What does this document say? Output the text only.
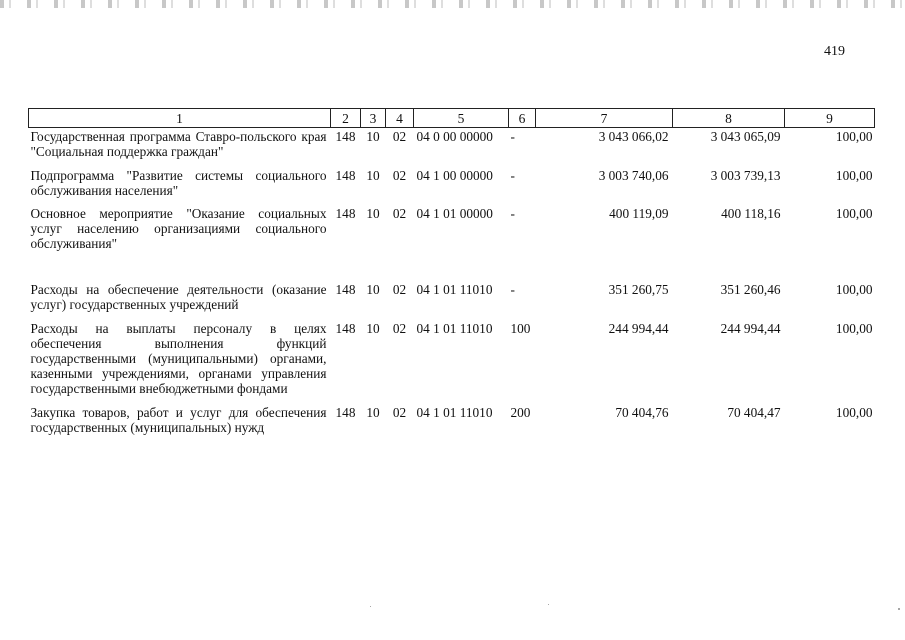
419
1	2	3	4	5	6	7	8	9
Государственная программа Ставро-польского края "Социальная поддержка граждан"	148	10	02	04 0 00 00000	-	3 043 066,02	3 043 065,09	100,00
Подпрограмма "Развитие системы социального обслуживания населения"	148	10	02	04 1 00 00000	-	3 003 740,06	3 003 739,13	100,00
Основное мероприятие "Оказание социальных услуг населению организациями социального обслуживания"	148	10	02	04 1 01 00000	-	400 119,09	400 118,16	100,00
Расходы на обеспечение деятельности (оказание услуг) государственных учреждений	148	10	02	04 1 01 11010	-	351 260,75	351 260,46	100,00
Расходы на выплаты персоналу в целях обеспечения выполнения функций государственными (муниципальными) органами, казенными учреждениями, органами управления государственными внебюджетными фондами	148	10	02	04 1 01 11010	100	244 994,44	244 994,44	100,00
Закупка товаров, работ и услуг для обеспечения государственных (муниципальных) нужд	148	10	02	04 1 01 11010	200	70 404,76	70 404,47	100,00
